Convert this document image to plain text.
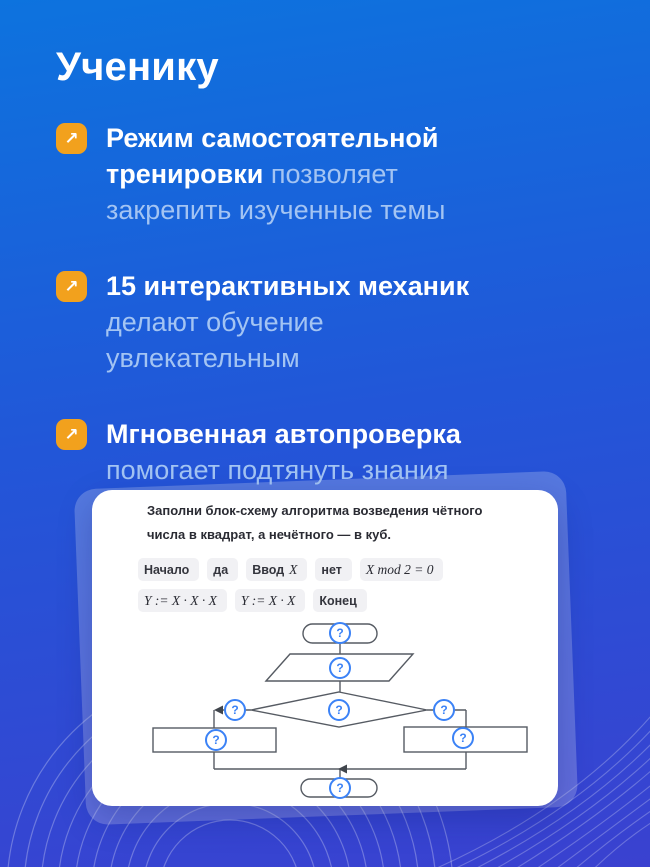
Ученику
↗	Режим самостоятельной тренировки позволяет закрепить изученные темы

↗	15 интерактивных механик делают обучение увлекательным

↗	Мгновенная автопроверка помогает подтянуть знания

Заполни блок-схему алгоритма возведения чётного числа в квадрат, а нечётного — в куб.

Начало да Ввод X нет X mod 2 = 0
Y := X · X · X Y := X · X Конец
?
?
?
?	?
?	?
?
